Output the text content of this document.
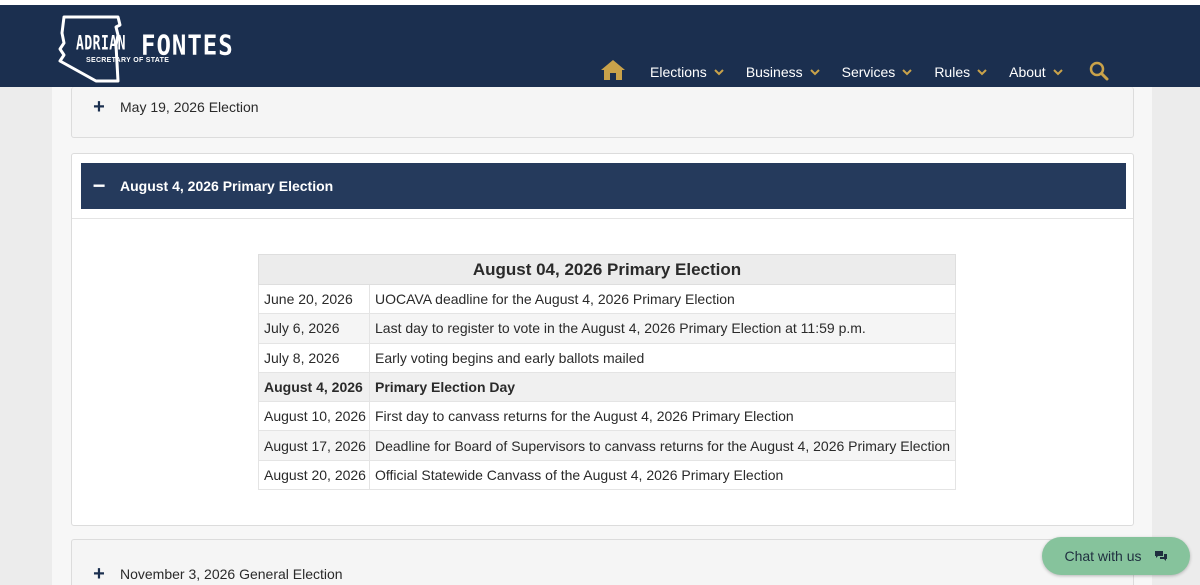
ADRIAN FONTES
SECRETARY OF STATE
Elections	Business	Services	Rules	About
+ May 19, 2026 Election
− August 4, 2026 Primary Election
August 04, 2026 Primary Election	
June 20, 2026	UOCAVA deadline for the August 4, 2026 Primary Election
July 6, 2026	Last day to register to vote in the August 4, 2026 Primary Election at 11:59 p.m.
July 8, 2026	Early voting begins and early ballots mailed
August 4, 2026	Primary Election Day
August 10, 2026	First day to canvass returns for the August 4, 2026 Primary Election
August 17, 2026	Deadline for Board of Supervisors to canvass returns for the August 4, 2026 Primary Election
August 20, 2026	Official Statewide Canvass of the August 4, 2026 Primary Election
+ November 3, 2026 General Election
Chat with us
